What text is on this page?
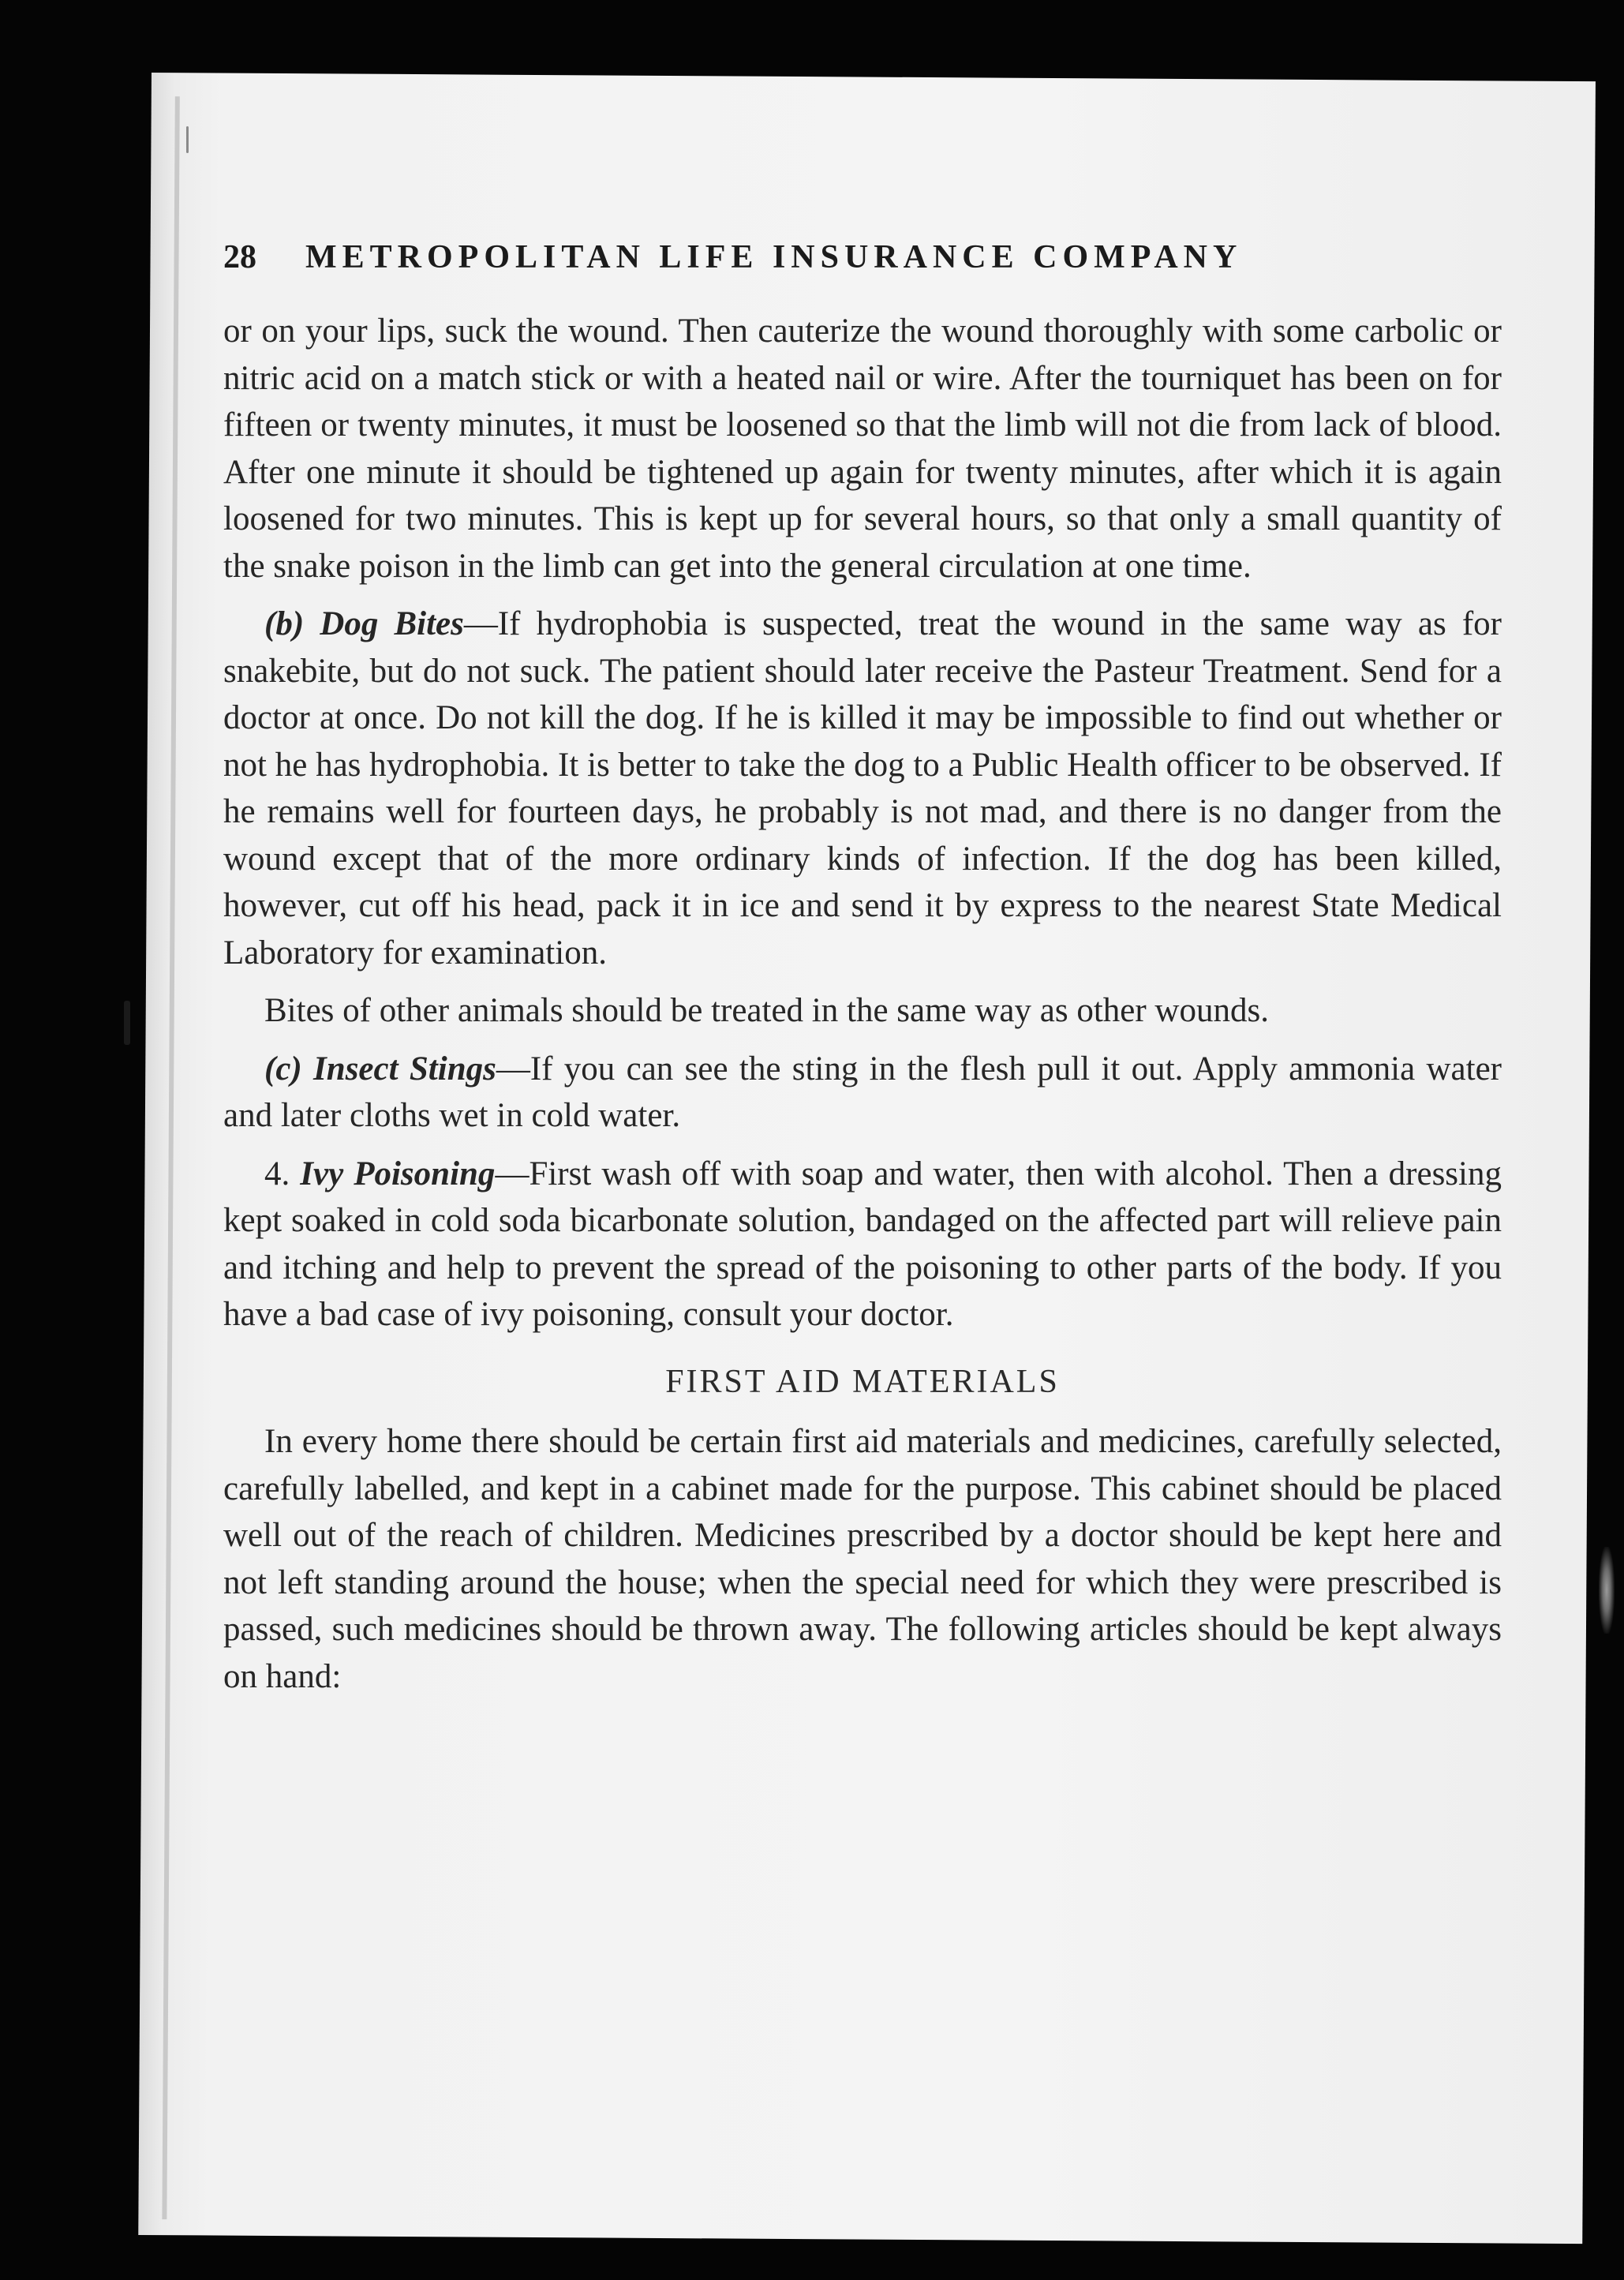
28 METROPOLITAN LIFE INSURANCE COMPANY

or on your lips, suck the wound. Then cauterize the wound thoroughly with some carbolic or nitric acid on a match stick or with a heated nail or wire. After the tourniquet has been on for fifteen or twenty minutes, it must be loosened so that the limb will not die from lack of blood. After one minute it should be tightened up again for twenty minutes, after which it is again loosened for two minutes. This is kept up for several hours, so that only a small quantity of the snake poison in the limb can get into the general circulation at one time.

(b) Dog Bites—If hydrophobia is suspected, treat the wound in the same way as for snakebite, but do not suck. The patient should later receive the Pasteur Treatment. Send for a doctor at once. Do not kill the dog. If he is killed it may be impossible to find out whether or not he has hydrophobia. It is better to take the dog to a Public Health officer to be observed. If he remains well for fourteen days, he probably is not mad, and there is no danger from the wound except that of the more ordinary kinds of infection. If the dog has been killed, however, cut off his head, pack it in ice and send it by express to the nearest State Medical Laboratory for examination.

Bites of other animals should be treated in the same way as other wounds.

(c) Insect Stings—If you can see the sting in the flesh pull it out. Apply ammonia water and later cloths wet in cold water.

4. Ivy Poisoning—First wash off with soap and water, then with alcohol. Then a dressing kept soaked in cold soda bicarbonate solution, bandaged on the affected part will relieve pain and itching and help to prevent the spread of the poisoning to other parts of the body. If you have a bad case of ivy poisoning, consult your doctor.

FIRST AID MATERIALS

In every home there should be certain first aid materials and medicines, carefully selected, carefully labelled, and kept in a cabinet made for the purpose. This cabinet should be placed well out of the reach of children. Medicines prescribed by a doctor should be kept here and not left standing around the house; when the special need for which they were prescribed is passed, such medicines should be thrown away. The following articles should be kept always on hand:
